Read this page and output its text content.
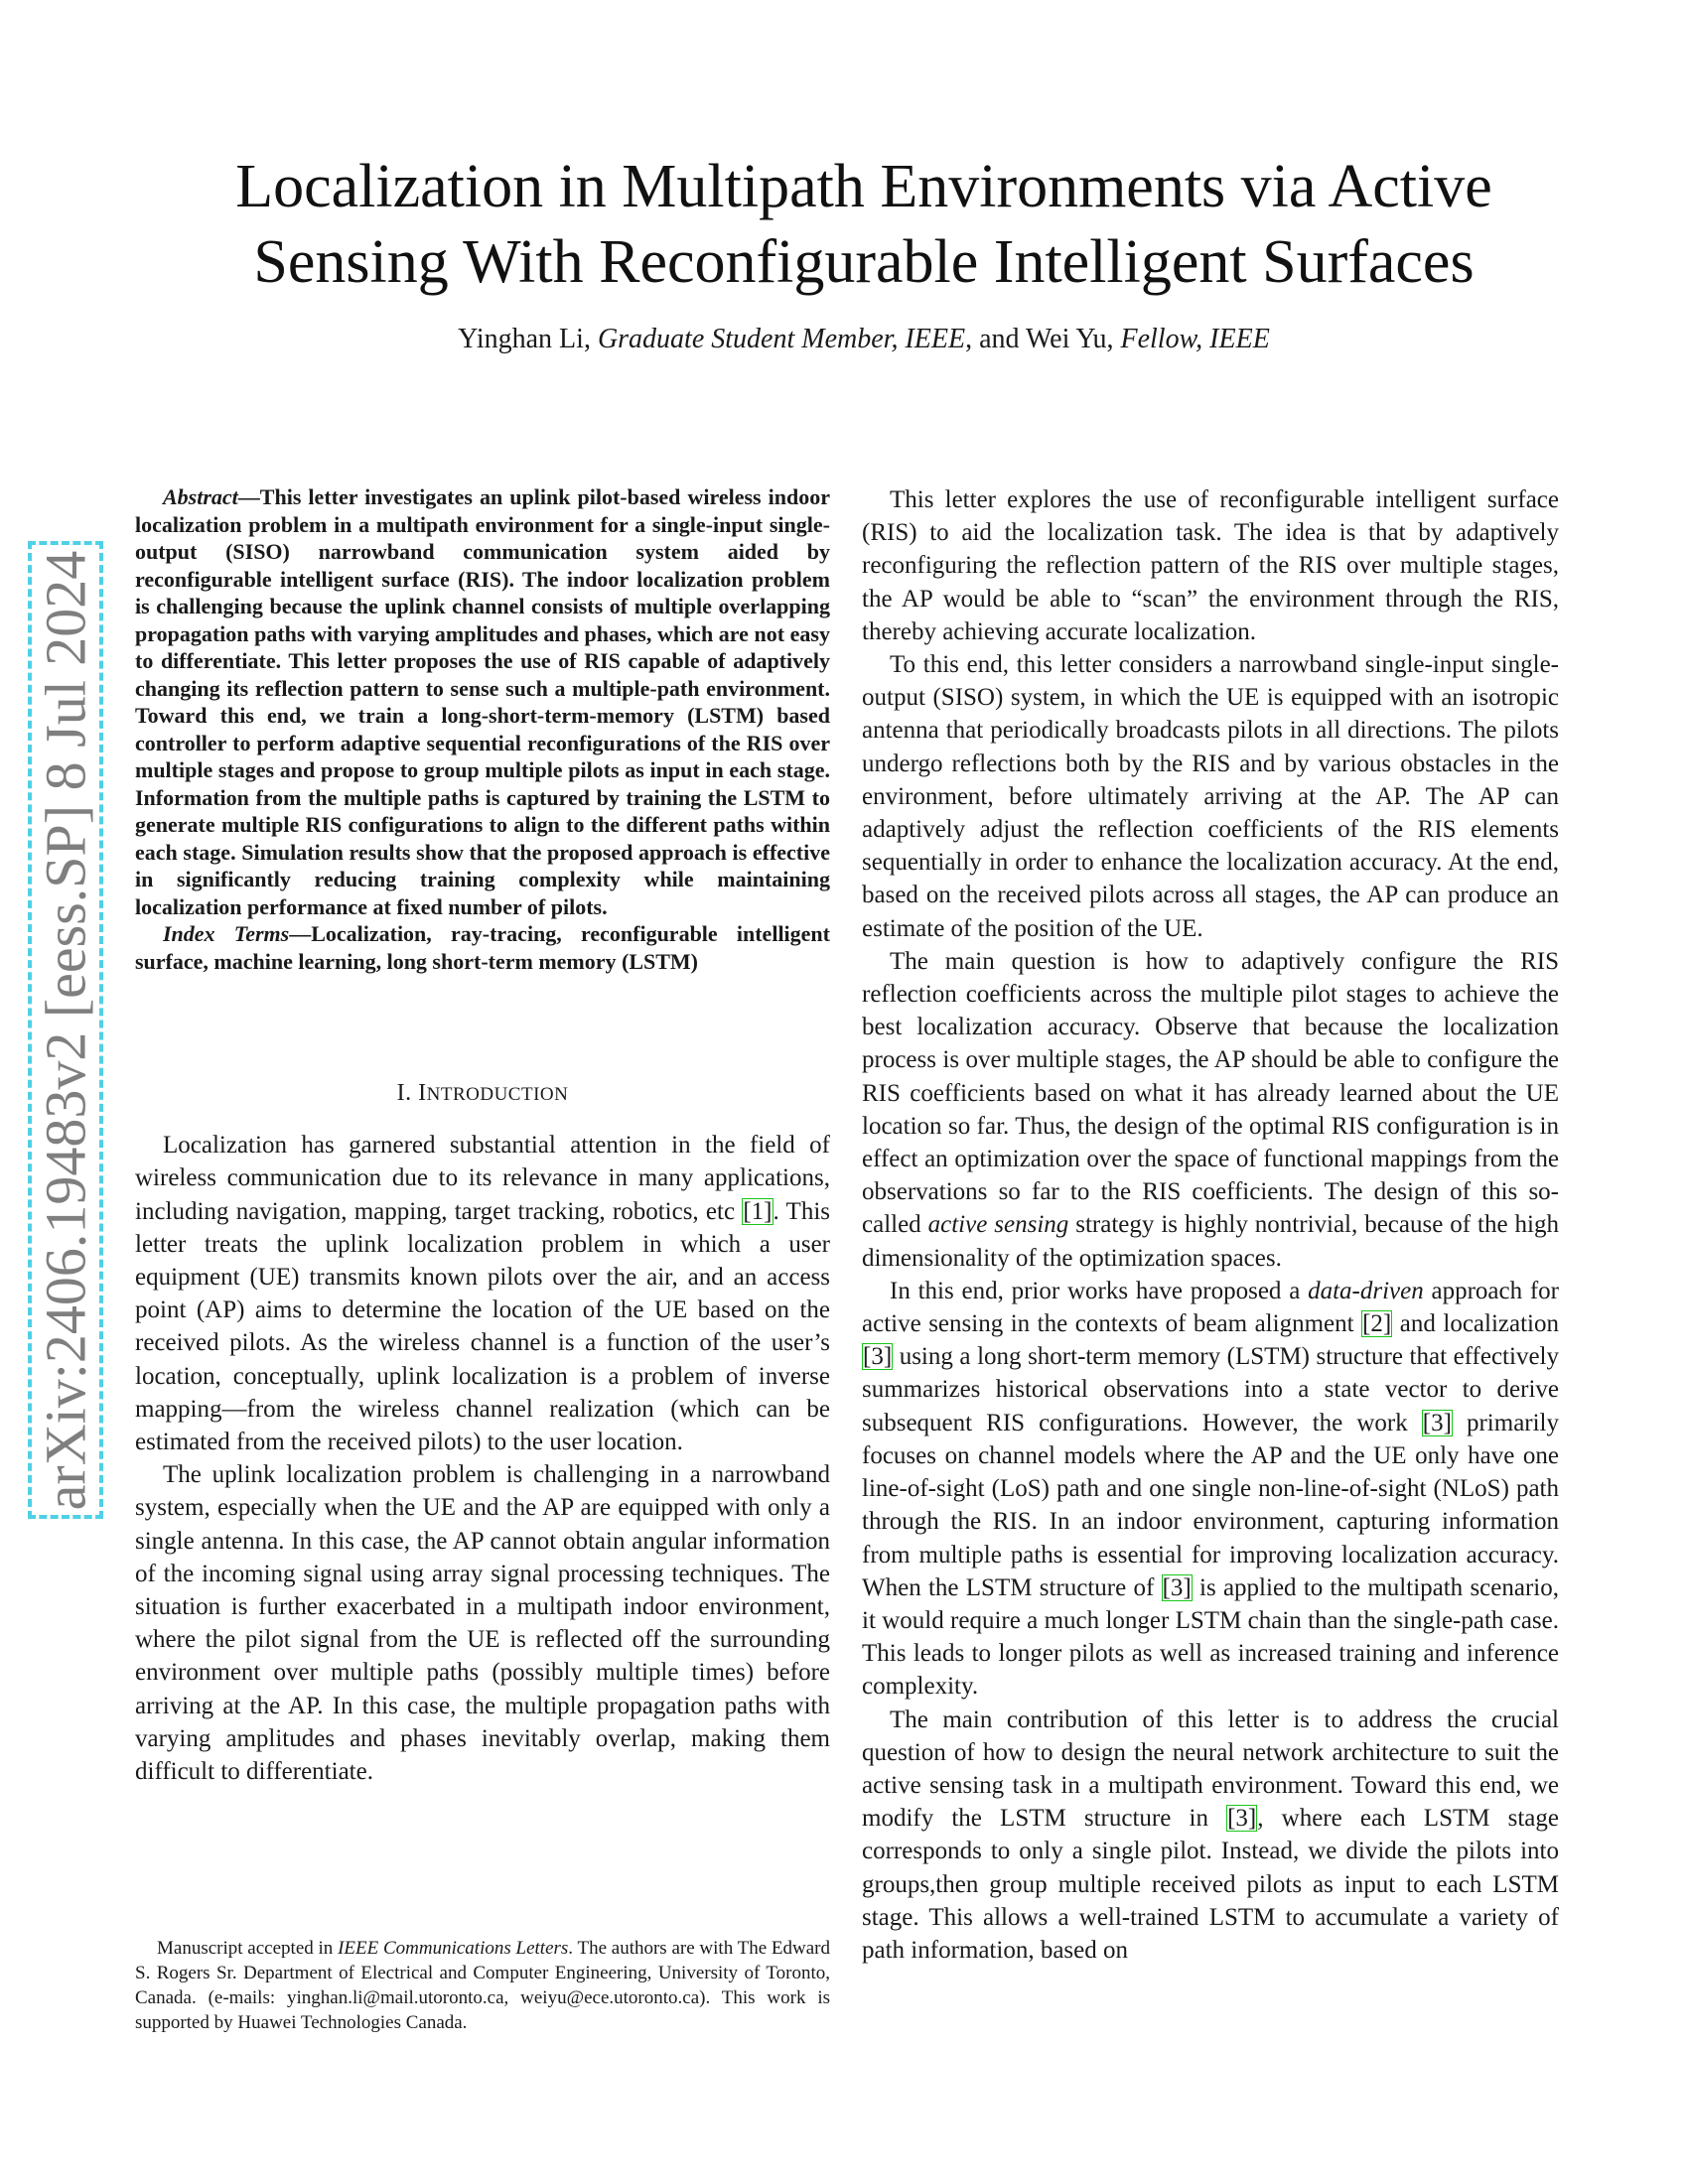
arXiv:2406.19483v2 [eess.SP] 8 Jul 2024
Localization in Multipath Environments via Active
Sensing With Reconfigurable Intelligent Surfaces
Yinghan Li, Graduate Student Member, IEEE, and Wei Yu, Fellow, IEEE

Abstract—This letter investigates an uplink pilot-based wireless indoor localization problem in a multipath environment for a single-input single-output (SISO) narrowband communication system aided by reconfigurable intelligent surface (RIS). The indoor localization problem is challenging because the uplink channel consists of multiple overlapping propagation paths with varying amplitudes and phases, which are not easy to differentiate. This letter proposes the use of RIS capable of adaptively changing its reflection pattern to sense such a multiple-path environment. Toward this end, we train a long-short-term-memory (LSTM) based controller to perform adaptive sequential reconfigurations of the RIS over multiple stages and propose to group multiple pilots as input in each stage. Information from the multiple paths is captured by training the LSTM to generate multiple RIS configurations to align to the different paths within each stage. Simulation results show that the proposed approach is effective in significantly reducing training complexity while maintaining localization performance at fixed number of pilots.

Index Terms—Localization, ray-tracing, reconfigurable intelligent surface, machine learning, long short-term memory (LSTM)

I. INTRODUCTION

Localization has garnered substantial attention in the field of wireless communication due to its relevance in many applications, including navigation, mapping, target tracking, robotics, etc [1]. This letter treats the uplink localization problem in which a user equipment (UE) transmits known pilots over the air, and an access point (AP) aims to determine the location of the UE based on the received pilots. As the wireless channel is a function of the user’s location, conceptually, uplink localization is a problem of inverse mapping—from the wireless channel realization (which can be estimated from the received pilots) to the user location.

The uplink localization problem is challenging in a narrowband system, especially when the UE and the AP are equipped with only a single antenna. In this case, the AP cannot obtain angular information of the incoming signal using array signal processing techniques. The situation is further exacerbated in a multipath indoor environment, where the pilot signal from the UE is reflected off the surrounding environment over multiple paths (possibly multiple times) before arriving at the AP. In this case, the multiple propagation paths with varying amplitudes and phases inevitably overlap, making them difficult to differentiate.

Manuscript accepted in IEEE Communications Letters. The authors are with The Edward S. Rogers Sr. Department of Electrical and Computer Engineering, University of Toronto, Canada. (e-mails: yinghan.li@mail.utoronto.ca, weiyu@ece.utoronto.ca). This work is supported by Huawei Technologies Canada.

This letter explores the use of reconfigurable intelligent surface (RIS) to aid the localization task. The idea is that by adaptively reconfiguring the reflection pattern of the RIS over multiple stages, the AP would be able to “scan” the environment through the RIS, thereby achieving accurate localization.

To this end, this letter considers a narrowband single-input single-output (SISO) system, in which the UE is equipped with an isotropic antenna that periodically broadcasts pilots in all directions. The pilots undergo reflections both by the RIS and by various obstacles in the environment, before ultimately arriving at the AP. The AP can adaptively adjust the reflection coefficients of the RIS elements sequentially in order to enhance the localization accuracy. At the end, based on the received pilots across all stages, the AP can produce an estimate of the position of the UE.

The main question is how to adaptively configure the RIS reflection coefficients across the multiple pilot stages to achieve the best localization accuracy. Observe that because the localization process is over multiple stages, the AP should be able to configure the RIS coefficients based on what it has already learned about the UE location so far. Thus, the design of the optimal RIS configuration is in effect an optimization over the space of functional mappings from the observations so far to the RIS coefficients. The design of this so-called active sensing strategy is highly nontrivial, because of the high dimensionality of the optimization spaces.

In this end, prior works have proposed a data-driven approach for active sensing in the contexts of beam alignment [2] and localization [3] using a long short-term memory (LSTM) structure that effectively summarizes historical observations into a state vector to derive subsequent RIS configurations. However, the work [3] primarily focuses on channel models where the AP and the UE only have one line-of-sight (LoS) path and one single non-line-of-sight (NLoS) path through the RIS. In an indoor environment, capturing information from multiple paths is essential for improving localization accuracy. When the LSTM structure of [3] is applied to the multipath scenario, it would require a much longer LSTM chain than the single-path case. This leads to longer pilots as well as increased training and inference complexity.

The main contribution of this letter is to address the crucial question of how to design the neural network architecture to suit the active sensing task in a multipath environment. Toward this end, we modify the LSTM structure in [3], where each LSTM stage corresponds to only a single pilot. Instead, we divide the pilots into groups,then group multiple received pilots as input to each LSTM stage. This allows a well-trained LSTM to accumulate a variety of path information, based on
